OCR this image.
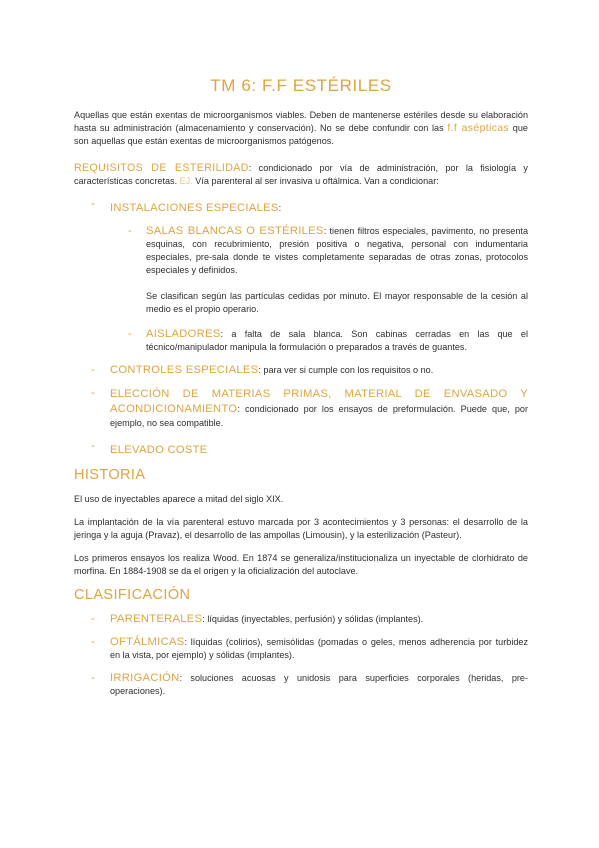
TM 6: F.F ESTÉRILES

Aquellas que están exentas de microorganismos viables. Deben de mantenerse estériles desde su elaboración hasta su administración (almacenamiento y conservación). No se debe confundir con las f.f asépticas que son aquellas que están exentas de microorganismos patógenos.

REQUISITOS DE ESTERILIDAD: condicionado por vía de administración, por la fisiología y características concretas. EJ. Vía parenteral al ser invasiva u oftálmica. Van a condicionar:

- INSTALACIONES ESPECIALES:
- SALAS BLANCAS O ESTÉRILES: tienen filtros especiales, pavimento, no presenta esquinas, con recubrimiento, presión positiva o negativa, personal con indumentaria especiales, pre-sala donde te vistes completamente separadas de otras zonas, protocolos especiales y definidos.

Se clasifican según las partículas cedidas por minuto. El mayor responsable de la cesión al medio es el propio operario.

- AISLADORES: a falta de sala blanca. Son cabinas cerradas en las que el técnico/manipulador manipula la formulación o preparados a través de guantes.

- CONTROLES ESPECIALES: para ver si cumple con los requisitos o no.

- ELECCIÓN DE MATERIAS PRIMAS, MATERIAL DE ENVASADO Y ACONDICIONAMIENTO: condicionado por los ensayos de preformulación. Puede que, por ejemplo, no sea compatible.

- ELEVADO COSTE
HISTORIA

El uso de inyectables aparece a mitad del siglo XIX.

La implantación de la vía parenteral estuvo marcada por 3 acontecimientos y 3 personas: el desarrollo de la jeringa y la aguja (Pravaz), el desarrollo de las ampollas (Limousin), y la esterilización (Pasteur).

Los primeros ensayos los realiza Wood. En 1874 se generaliza/institucionaliza un inyectable de clorhidrato de morfina. En 1884-1908 se da el origen y la oficialización del autoclave.

CLASIFICACIÓN
- PARENTERALES: líquidas (inyectables, perfusión) y sólidas (implantes).

- OFTÁLMICAS: líquidas (colirios), semisólidas (pomadas o geles, menos adherencia por turbidez en la vista, por ejemplo) y sólidas (implantes).

- IRRIGACIÓN: soluciones acuosas y unidosis para superficies corporales (heridas, pre-operaciones).
